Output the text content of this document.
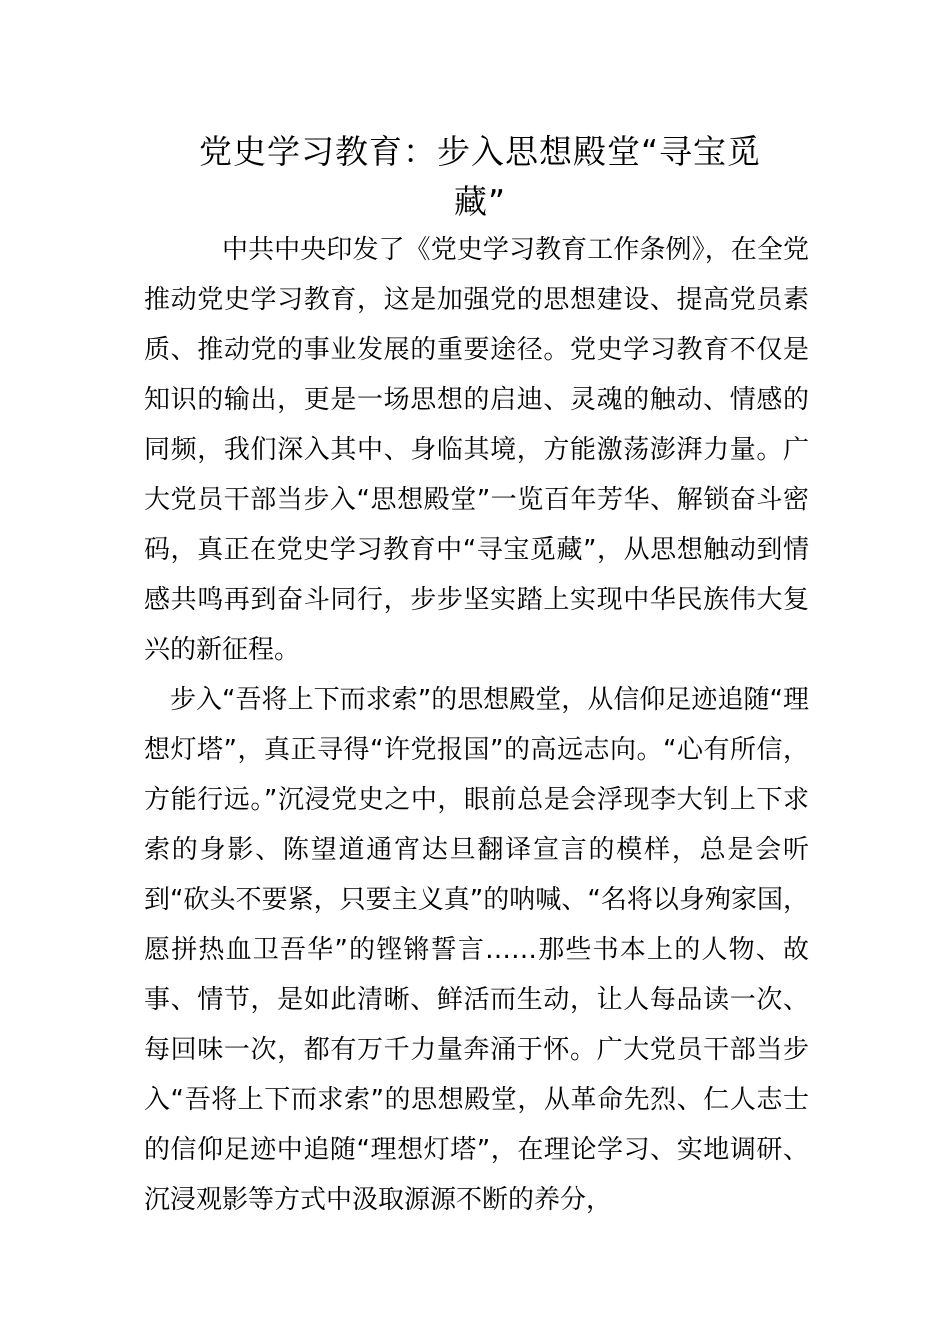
党史学习教育：步入思想殿堂“寻宝觅藏”

中共中央印发了《党史学习教育工作条例》，在全党推动党史学习教育，这是加强党的思想建设、提高党员素质、推动党的事业发展的重要途径。党史学习教育不仅是知识的输出，更是一场思想的启迪、灵魂的触动、情感的同频，我们深入其中、身临其境，方能激荡澎湃力量。广大党员干部当步入“思想殿堂”一览百年芳华、解锁奋斗密码，真正在党史学习教育中“寻宝觅藏”，从思想触动到情感共鸣再到奋斗同行，步步坚实踏上实现中华民族伟大复兴的新征程。

步入“吾将上下而求索”的思想殿堂，从信仰足迹追随“理想灯塔”，真正寻得“许党报国”的高远志向。“心有所信，方能行远。”沉浸党史之中，眼前总是会浮现李大钊上下求索的身影、陈望道通宵达旦翻译宣言的模样，总是会听到“砍头不要紧，只要主义真”的呐喊、“名将以身殉家国，愿拼热血卫吾华”的铿锵誓言……那些书本上的人物、故事、情节，是如此清晰、鲜活而生动，让人每品读一次、每回味一次，都有万千力量奔涌于怀。广大党员干部当步入“吾将上下而求索”的思想殿堂，从革命先烈、仁人志士的信仰足迹中追随“理想灯塔”，在理论学习、实地调研、沉浸观影等方式中汲取源源不断的养分，
